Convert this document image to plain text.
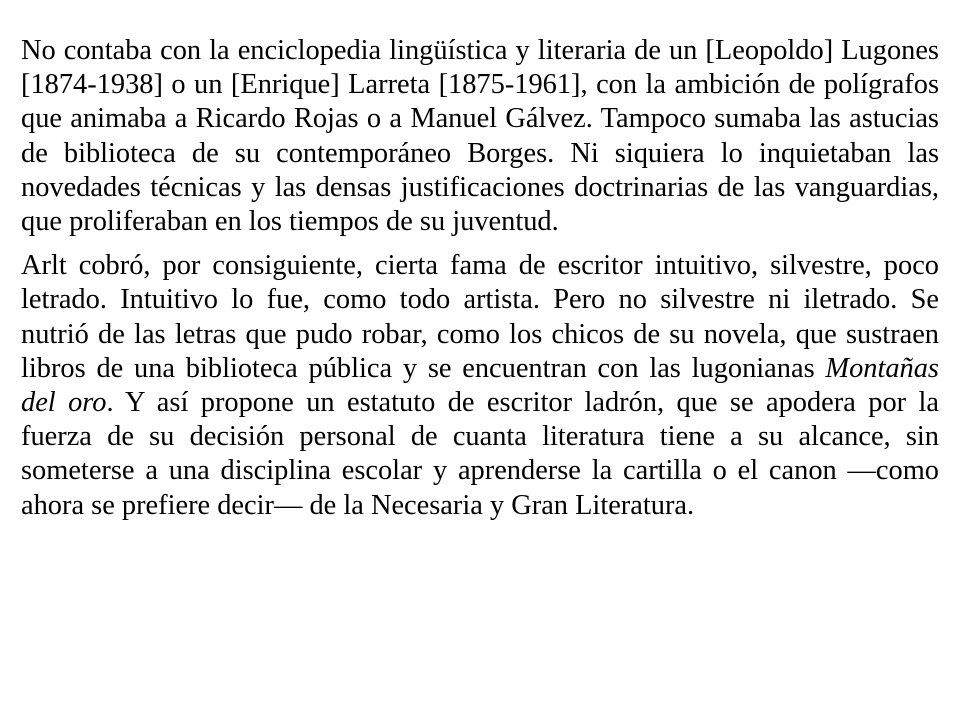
No contaba con la enciclopedia lingüística y literaria de un [Leopoldo] Lugones [1874-1938] o un [Enrique] Larreta [1875-1961], con la ambición de polígrafos que animaba a Ricardo Rojas o a Manuel Gálvez. Tampoco sumaba las astucias de biblioteca de su contemporáneo Borges. Ni siquiera lo inquietaban las novedades técnicas y las densas justificaciones doctrinarias de las vanguardias, que proliferaban en los tiempos de su juventud.

Arlt cobró, por consiguiente, cierta fama de escritor intuitivo, silvestre, poco letrado. Intuitivo lo fue, como todo artista. Pero no silvestre ni iletrado. Se nutrió de las letras que pudo robar, como los chicos de su novela, que sustraen libros de una biblioteca pública y se encuentran con las lugonianas Montañas del oro. Y así propone un estatuto de escritor ladrón, que se apodera por la fuerza de su decisión personal de cuanta literatura tiene a su alcance, sin someterse a una disciplina escolar y aprenderse la cartilla o el canon —como ahora se prefiere decir— de la Necesaria y Gran Literatura.
